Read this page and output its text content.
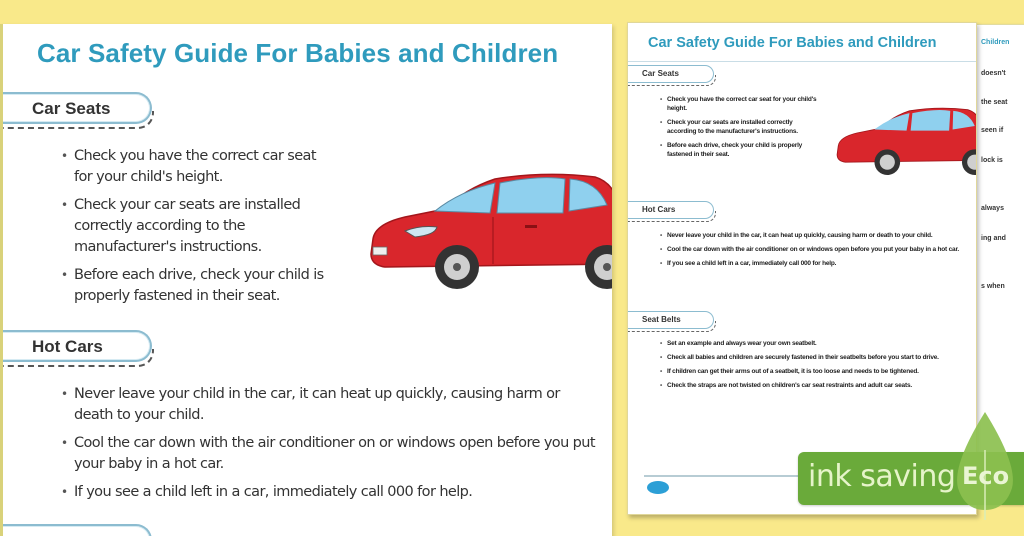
Children
doesn't
the seat
seen if
lock is
always
ing and
s when
Car Safety Guide For Babies and Children
Car Seats
• Check you have the correct car seat for your child's height.
• Check your car seats are installed correctly according to the manufacturer's instructions.
• Before each drive, check your child is properly fastened in their seat.
Hot Cars
• Never leave your child in the car, it can heat up quickly, causing harm or death to your child.
• Cool the car down with the air conditioner on or windows open before you put your baby in a hot car.
• If you see a child left in a car, immediately call 000 for help.
Car Safety Guide For Babies and Children
Car Seats
• Check you have the correct car seat for your child's height.
• Check your car seats are installed correctly according to the manufacturer's instructions.
• Before each drive, check your child is properly fastened in their seat.
Hot Cars
• Never leave your child in the car, it can heat up quickly, causing harm or death to your child.
• Cool the car down with the air conditioner on or windows open before you put your baby in a hot car.
• If you see a child left in a car, immediately call 000 for help.
Seat Belts
• Set an example and always wear your own seatbelt.
• Check all babies and children are securely fastened in their seatbelts before you start to drive.
• If children can get their arms out of a seatbelt, it is too loose and needs to be tightened.
• Check the straps are not twisted on children's car seat restraints and adult car seats.
ink saving Eco
